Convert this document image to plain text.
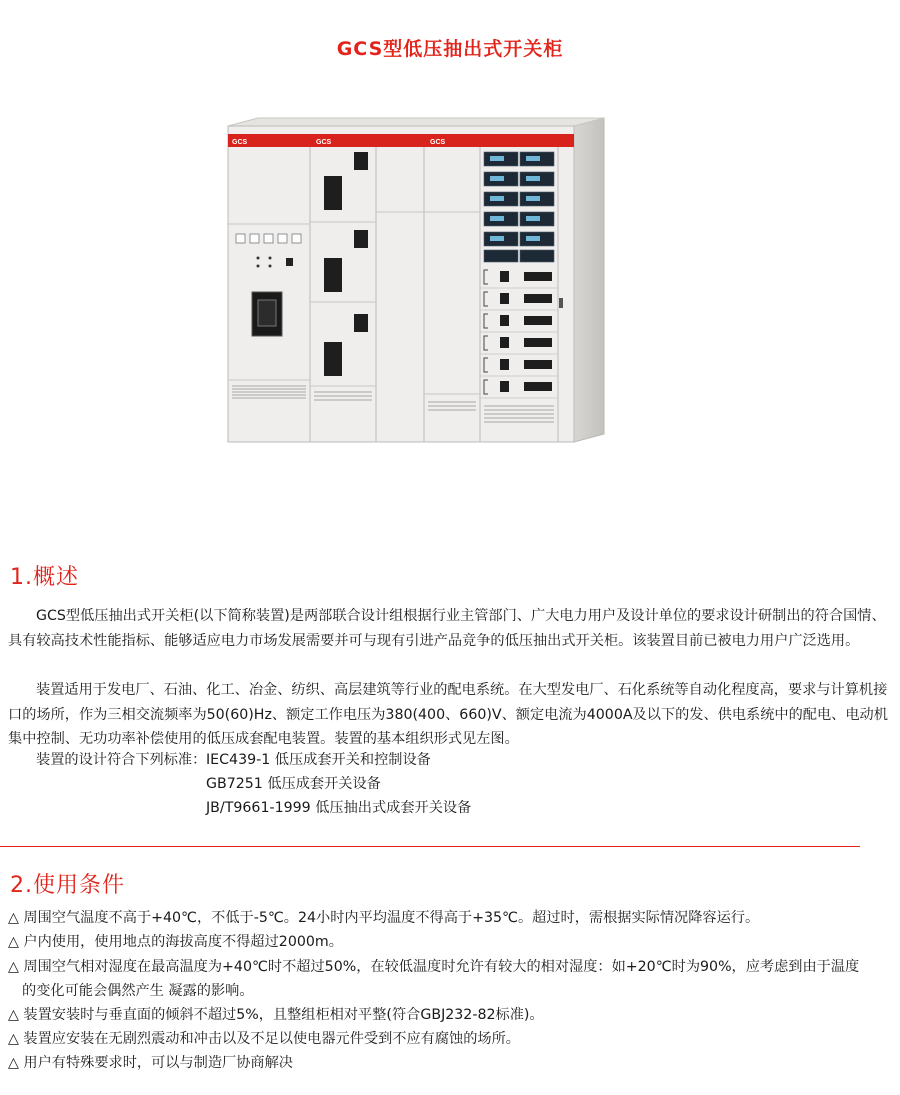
GCS型低压抽出式开关柜
GCS	GCS	GCS
1.概述

GCS型低压抽出式开关柜(以下简称装置)是两部联合设计组根据行业主管部门、广大电力用户及设计单位的要求设计研制出的符合国情、具有较高技术性能指标、能够适应电力市场发展需要并可与现有引进产品竞争的低压抽出式开关柜。该装置目前已被电力用户广泛选用。

装置适用于发电厂、石油、化工、冶金、纺织、高层建筑等行业的配电系统。在大型发电厂、石化系统等自动化程度高，要求与计算机接口的场所，作为三相交流频率为50(60)Hz、额定工作电压为380(400、660)V、额定电流为4000A及以下的发、供电系统中的配电、电动机集中控制、无功功率补偿使用的低压成套配电装置。装置的基本组织形式见左图。

装置的设计符合下列标准： IEC439-1 低压成套开关和控制设备
GB7251 低压成套开关设备
JB/T9661-1999 低压抽出式成套开关设备
2.使用条件
△ 周围空气温度不高于+40℃，不低于-5℃。24小时内平均温度不得高于+35℃。超过时，需根据实际情况降容运行。
△ 户内使用，使用地点的海拔高度不得超过2000m。
△ 周围空气相对湿度在最高温度为+40℃时不超过50%，在较低温度时允许有较大的相对湿度：如+20℃时为90%，应考虑到由于温度
的变化可能会偶然产生 凝露的影响。
△ 装置安装时与垂直面的倾斜不超过5%，且整组柜相对平整(符合GBJ232-82标准)。
△ 装置应安装在无剧烈震动和冲击以及不足以使电器元件受到不应有腐蚀的场所。
△ 用户有特殊要求时，可以与制造厂协商解决
